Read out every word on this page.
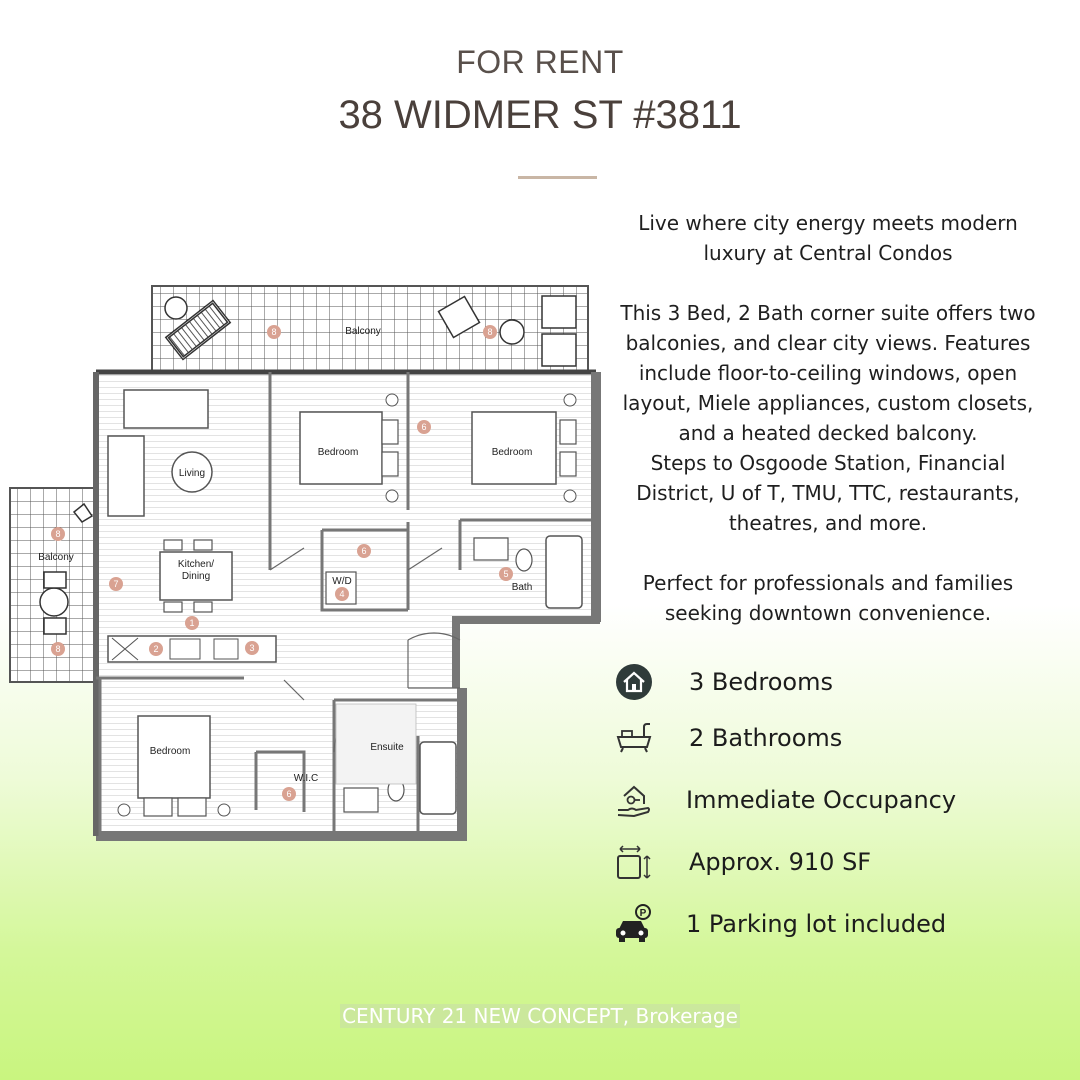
FOR RENT
38 WIDMER ST #3811
Balcony
Balcony
Living
Kitchen/
Dining
Bedroom	Bedroom
Bedroom
Bath
Ensuite
W/D
W.I.C
1
2	3
4
5
6
6
6
7
8	8
8
8

Live where city energy meets modern

luxury at Central Condos

This 3 Bed, 2 Bath corner suite offers two

balconies, and clear city views. Features

include floor-to-ceiling windows, open

layout, Miele appliances, custom closets,

and a heated decked balcony.

Steps to Osgoode Station, Financial

District, U of T, TMU, TTC, restaurants,

theatres, and more.

Perfect for professionals and families

seeking downtown convenience.

3 Bedrooms
2 Bathrooms
Immediate Occupancy
Approx. 910 SF
P 1 Parking lot included
CENTURY 21 NEW CONCEPT, Brokerage
